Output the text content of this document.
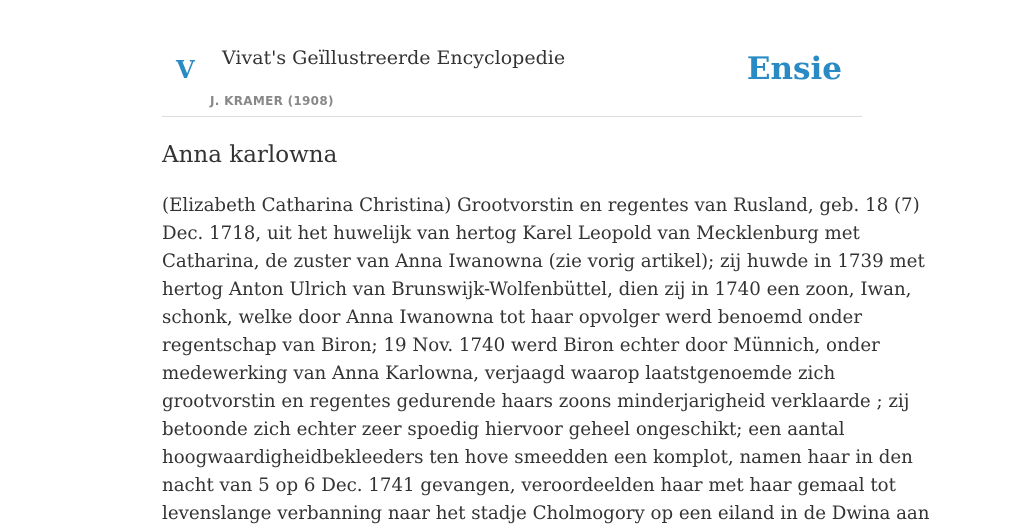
V Vivat's Geïllustreerde Encyclopedie
J. KRAMER (1908)
Ensie
Anna karlowna
(Elizabeth Catharina Christina) Grootvorstin en regentes van Rusland, geb. 18 (7)
Dec. 1718, uit het huwelijk van hertog Karel Leopold van Mecklenburg met
Catharina, de zuster van Anna Iwanowna (zie vorig artikel); zij huwde in 1739 met
hertog Anton Ulrich van Brunswijk-Wolfenbüttel, dien zij in 1740 een zoon, Iwan,
schonk, welke door Anna Iwanowna tot haar opvolger werd benoemd onder
regentschap van Biron; 19 Nov. 1740 werd Biron echter door Münnich, onder
medewerking van Anna Karlowna, verjaagd waarop laatstgenoemde zich
grootvorstin en regentes gedurende haars zoons minderjarigheid verklaarde ; zij
betoonde zich echter zeer spoedig hiervoor geheel ongeschikt; een aantal
hoogwaardigheidbekleeders ten hove smeedden een komplot, namen haar in den
nacht van 5 op 6 Dec. 1741 gevangen, veroordeelden haar met haar gemaal tot
levenslange verbanning naar het stadje Cholmogory op een eiland in de Dwina aan
